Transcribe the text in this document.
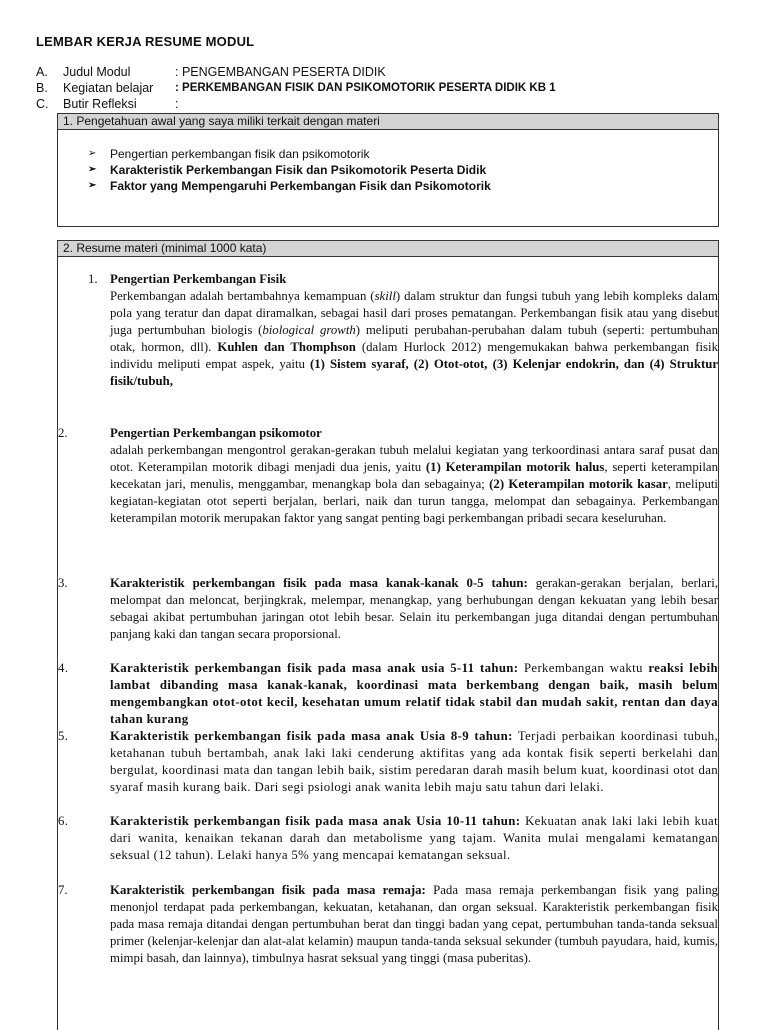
LEMBAR KERJA RESUME MODUL
A. Judul Modul	: PENGEMBANGAN PESERTA DIDIK
B. Kegiatan belajar : PERKEMBANGAN FISIK DAN PSIKOMOTORIK PESERTA DIDIK KB 1
C. Butir Refleksi	:
1. Pengetahuan awal yang saya miliki terkait dengan materi
➢ Pengertian perkembangan fisik dan psikomotorik
➢ Karakteristik Perkembangan Fisik dan Psikomotorik Peserta Didik
➢ Faktor yang Mempengaruhi Perkembangan Fisik dan Psikomotorik
2. Resume materi (minimal 1000 kata)
1. Pengertian Perkembangan Fisik

Perkembangan adalah bertambahnya kemampuan (skill) dalam struktur dan fungsi tubuh yang lebih kompleks dalam pola yang teratur dan dapat diramalkan, sebagai hasil dari proses pematangan. Perkembangan fisik atau yang disebut juga pertumbuhan biologis (biological growth) meliputi perubahan-perubahan dalam tubuh (seperti: pertumbuhan otak, hormon, dll). Kuhlen dan Thomphson (dalam Hurlock 2012) mengemukakan bahwa perkembangan fisik individu meliputi empat aspek, yaitu (1) Sistem syaraf, (2) Otot-otot, (3) Kelenjar endokrin, dan (4) Struktur fisik/tubuh,

2.	Pengertian Perkembangan psikomotor

adalah perkembangan mengontrol gerakan-gerakan tubuh melalui kegiatan yang terkoordinasi antara saraf pusat dan otot. Keterampilan motorik dibagi menjadi dua jenis, yaitu (1) Keterampilan motorik halus, seperti keterampilan kecekatan jari, menulis, menggambar, menangkap bola dan sebagainya; (2) Keterampilan motorik kasar, meliputi kegiatan-kegiatan otot seperti berjalan, berlari, naik dan turun tangga, melompat dan sebagainya. Perkembangan keterampilan motorik merupakan faktor yang sangat penting bagi perkembangan pribadi secara keseluruhan.

3.	Karakteristik perkembangan fisik pada masa kanak-kanak 0-5 tahun: gerakan-gerakan berjalan, berlari, melompat dan meloncat, berjingkrak, melempar, menangkap, yang berhubungan dengan kekuatan yang lebih besar sebagai akibat pertumbuhan jaringan otot lebih besar. Selain itu perkembangan juga ditandai dengan pertumbuhan panjang kaki dan tangan secara proporsional.

4.	Karakteristik perkembangan fisik pada masa anak usia 5-11 tahun: Perkembangan waktu reaksi lebih lambat dibanding masa kanak-kanak, koordinasi mata berkembang dengan baik, masih belum mengembangkan otot-otot kecil, kesehatan umum relatif tidak stabil dan mudah sakit, rentan dan daya tahan kurang

5.	Karakteristik perkembangan fisik pada masa anak Usia 8-9 tahun: Terjadi perbaikan koordinasi tubuh, ketahanan tubuh bertambah, anak laki laki cenderung aktifitas yang ada kontak fisik seperti berkelahi dan bergulat, koordinasi mata dan tangan lebih baik, sistim peredaran darah masih belum kuat, koordinasi otot dan syaraf masih kurang baik. Dari segi psiologi anak wanita lebih maju satu tahun dari lelaki.

6.	Karakteristik perkembangan fisik pada masa anak Usia 10-11 tahun: Kekuatan anak laki laki lebih kuat dari wanita, kenaikan tekanan darah dan metabolisme yang tajam. Wanita mulai mengalami kematangan seksual (12 tahun). Lelaki hanya 5% yang mencapai kematangan seksual.

7.	Karakteristik perkembangan fisik pada masa remaja: Pada masa remaja perkembangan fisik yang paling menonjol terdapat pada perkembangan, kekuatan, ketahanan, dan organ seksual. Karakteristik perkembangan fisik pada masa remaja ditandai dengan pertumbuhan berat dan tinggi badan yang cepat, pertumbuhan tanda-tanda seksual primer (kelenjar-kelenjar dan alat-alat kelamin) maupun tanda-tanda seksual sekunder (tumbuh payudara, haid, kumis, mimpi basah, dan lainnya), timbulnya hasrat seksual yang tinggi (masa puberitas).
